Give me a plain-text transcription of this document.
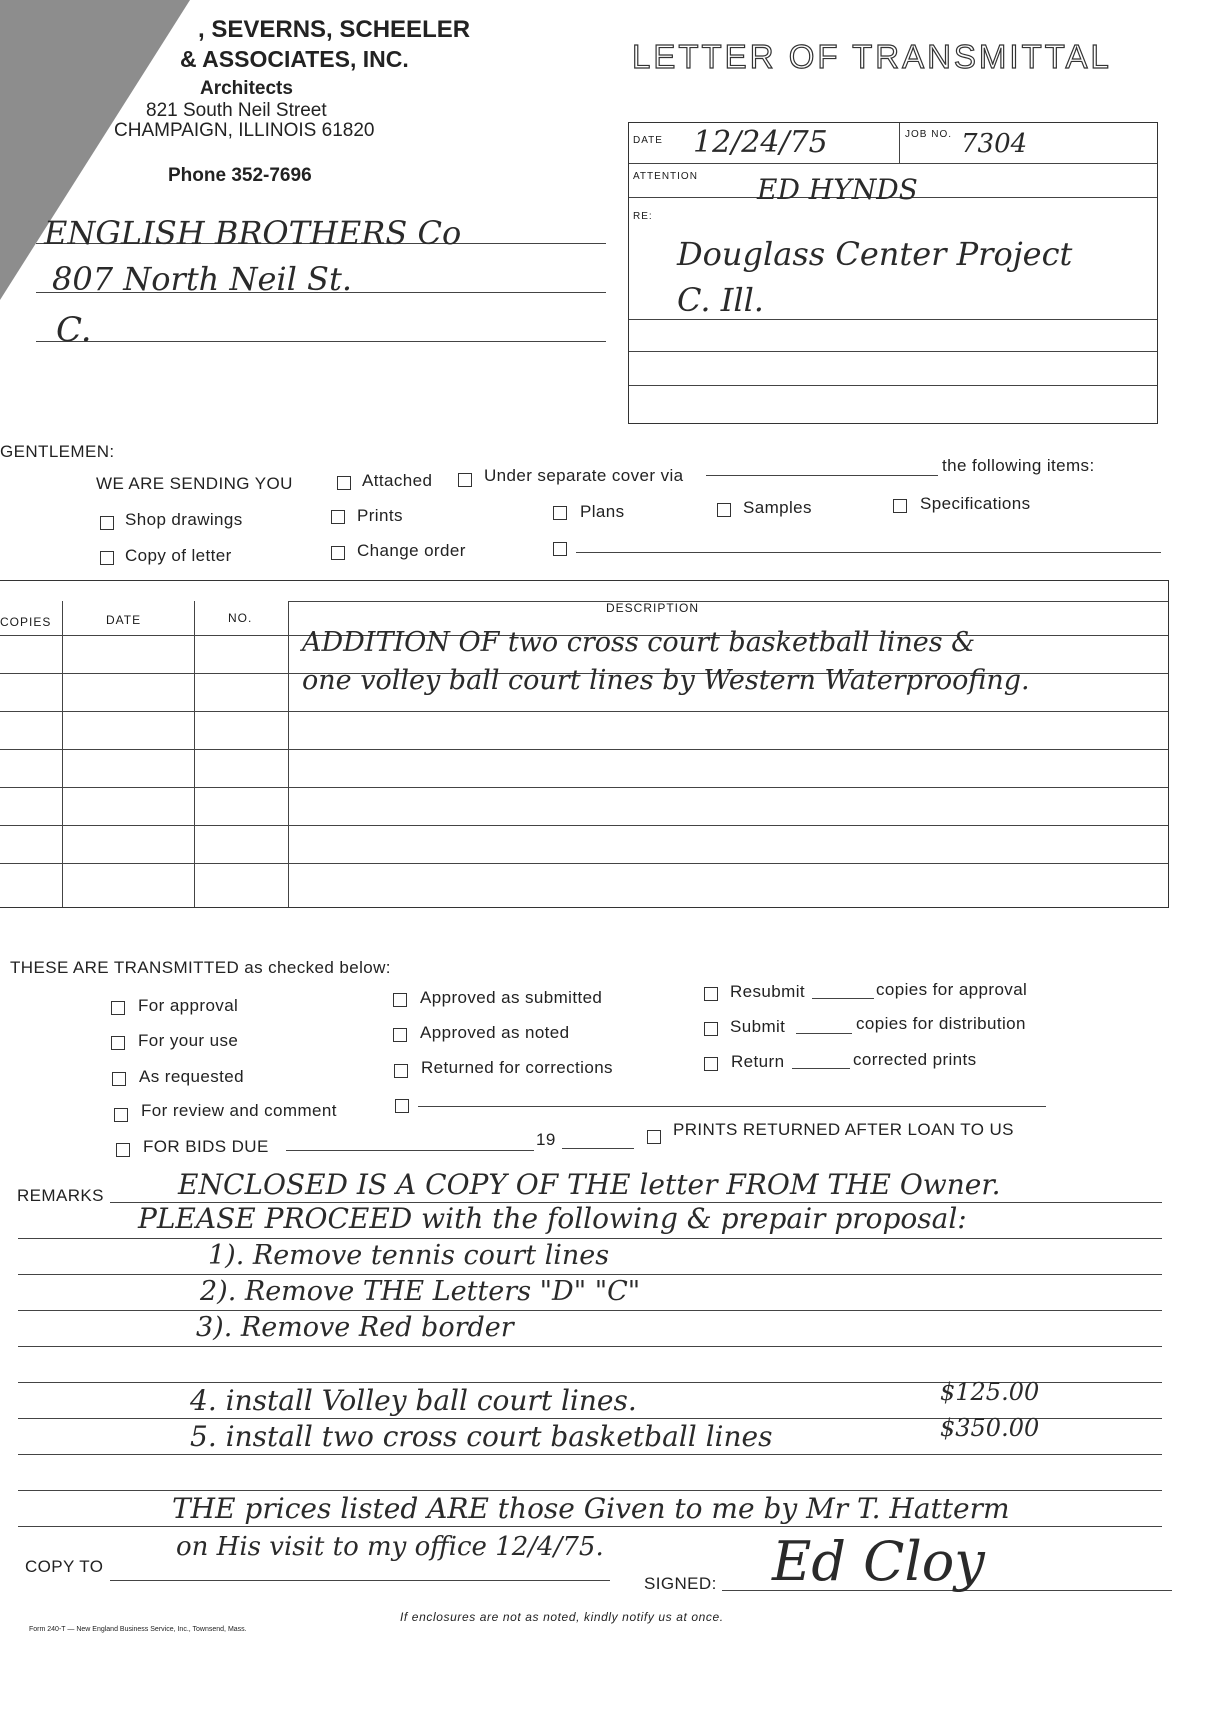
, SEVERNS, SCHEELER
& ASSOCIATES, INC.
Architects
821 South Neil Street
CHAMPAIGN, ILLINOIS 61820
Phone 352-7696
LETTER OF TRANSMITTAL
DATE 12/24/75	JOB NO. 7304
ATTENTION ED HYNDS
RE:
Douglass Center Project
C. Ill.
ENGLISH BROTHERS Co
807 North Neil St.
C.
GENTLEMEN:
WE ARE SENDING YOU	Attached	Under separate cover via
the following items:
Shop drawings	Prints	Plans	Samples	Specifications
Copy of letter	Change order
COPIES	DATE	NO.
DESCRIPTION
ADDITION OF two cross court basketball lines &
one volley ball court lines by Western Waterproofing.
THESE ARE TRANSMITTED as checked below:
For approval
For your use
As requested
For review and comment
FOR BIDS DUE	19
Approved as submitted
Approved as noted
Returned for corrections
Resubmit	copies for approval
Submit	copies for distribution
Return	corrected prints
PRINTS RETURNED AFTER LOAN TO US
REMARKS	ENCLOSED IS A COPY OF THE letter FROM THE Owner.
PLEASE PROCEED with the following & prepair proposal:
1). Remove tennis court lines
2). Remove THE Letters "D" "C"
3). Remove Red border
4. install Volley ball court lines.	$125.00
5. install two cross court basketball lines	$350.00
THE prices listed ARE those Given to me by Mr T. Hatterm
on His visit to my office 12/4/75.
COPY TO
SIGNED: Ed Cloy
Form 240-T — New England Business Service, Inc., Townsend, Mass.
If enclosures are not as noted, kindly notify us at once.
